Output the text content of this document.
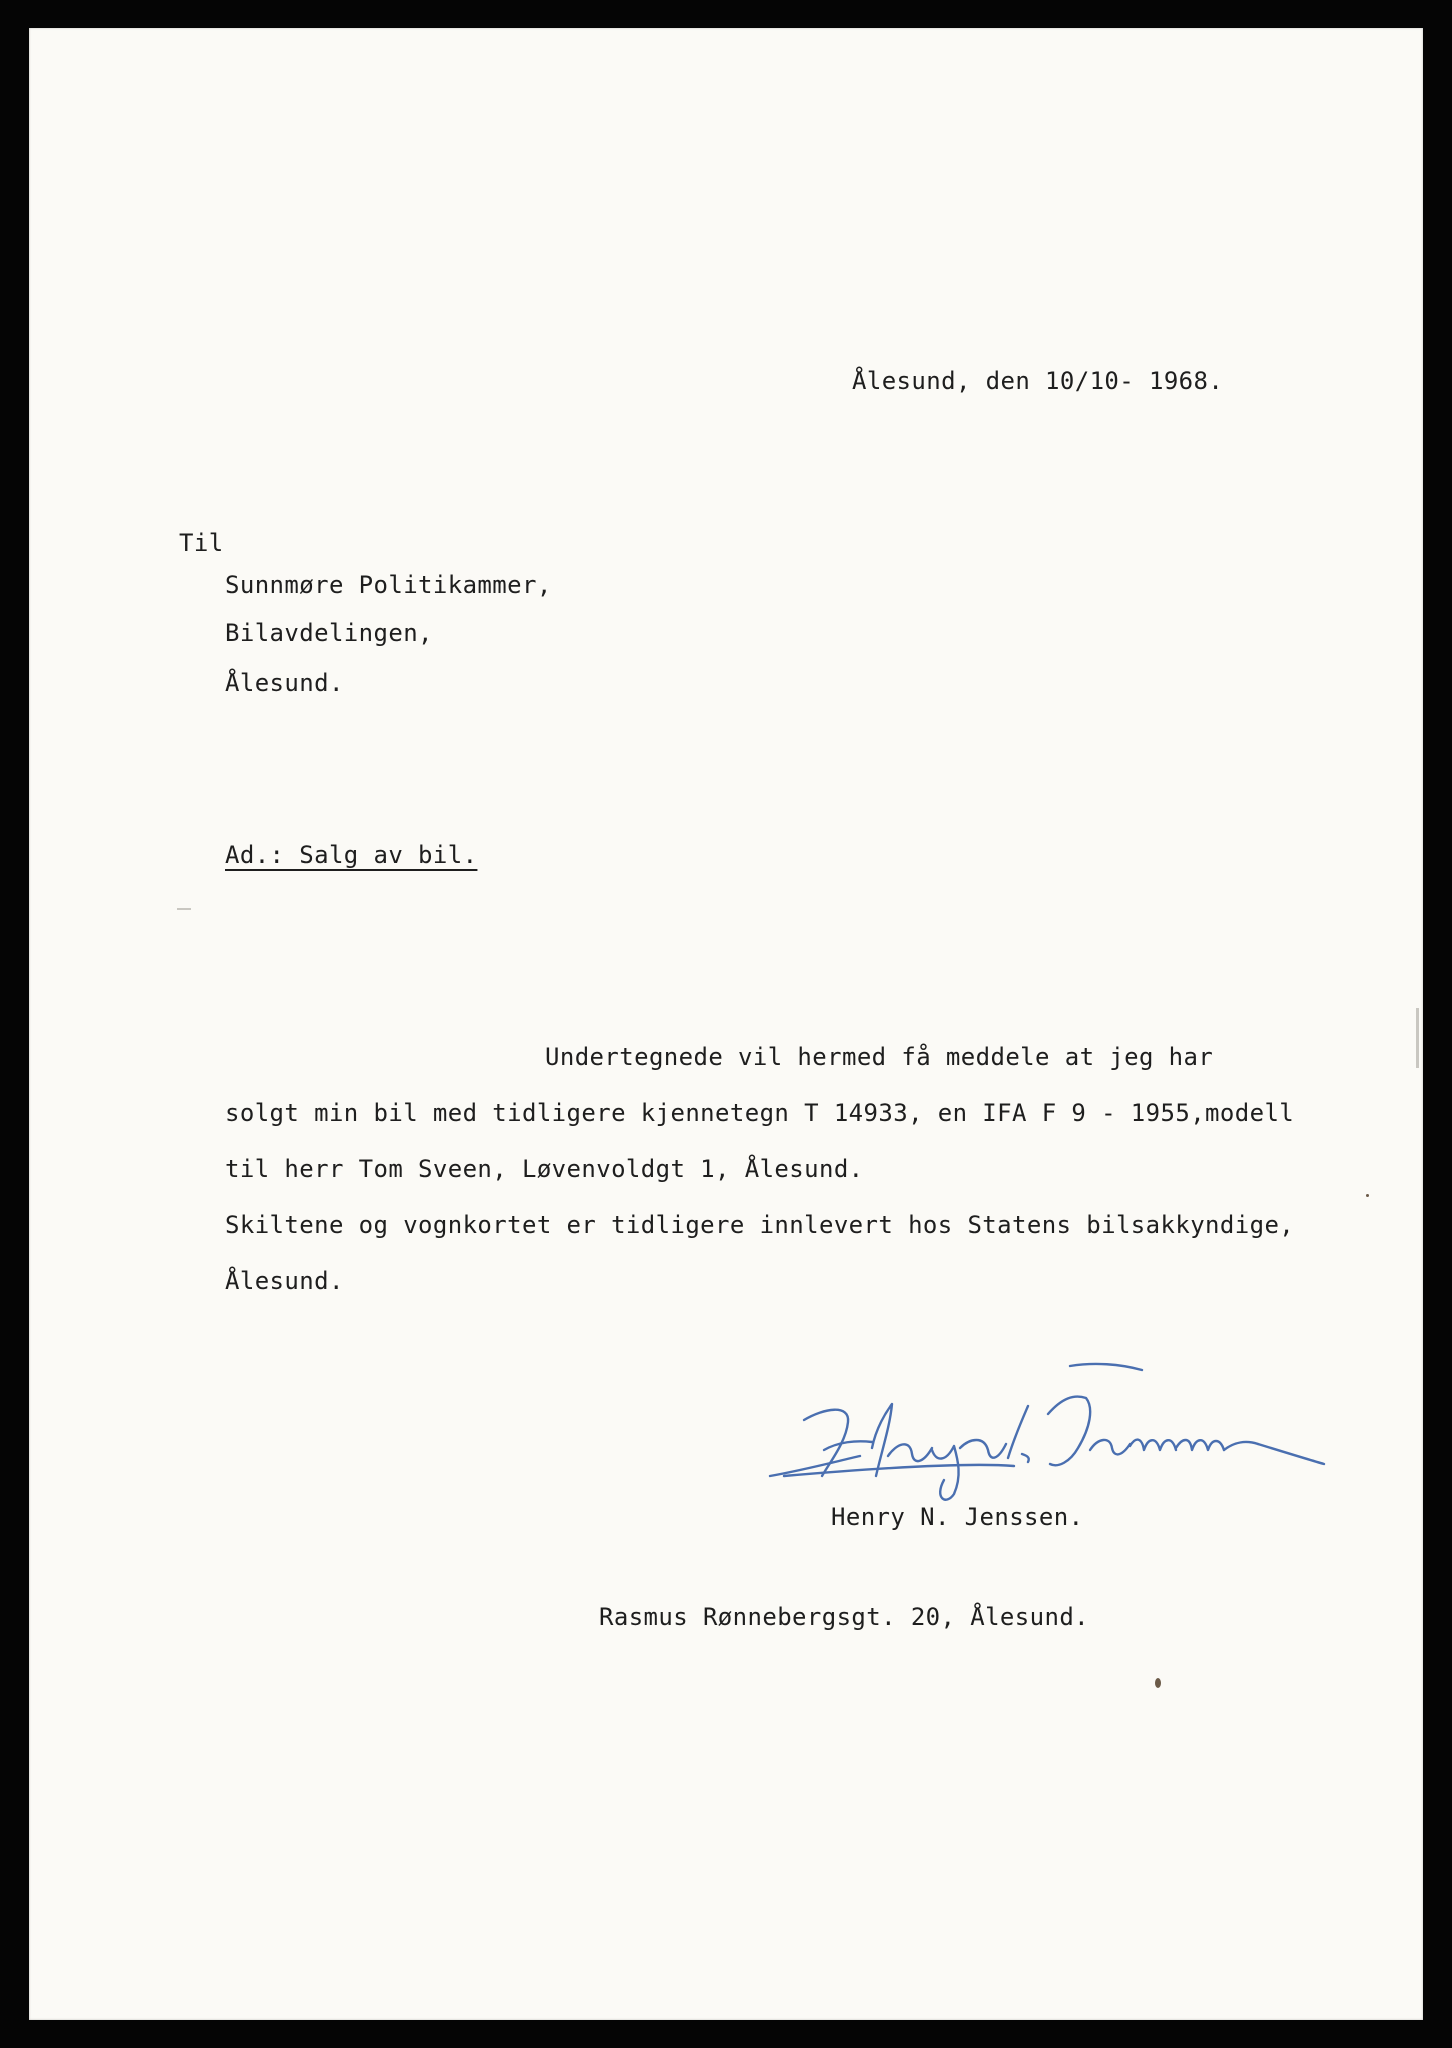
Ålesund, den 10/10- 1968.
Til
Sunnmøre Politikammer,
Bilavdelingen,
Ålesund.
Ad.: Salg av bil.
Undertegnede vil hermed få meddele at jeg har
solgt min bil med tidligere kjennetegn T 14933, en IFA F 9 - 1955,modell
til herr Tom Sveen, Løvenvoldgt 1, Ålesund.
Skiltene og vognkortet er tidligere innlevert hos Statens bilsakkyndige,
Ålesund.
Henry N. Jenssen.
Rasmus Rønnebergsgt. 20, Ålesund.
